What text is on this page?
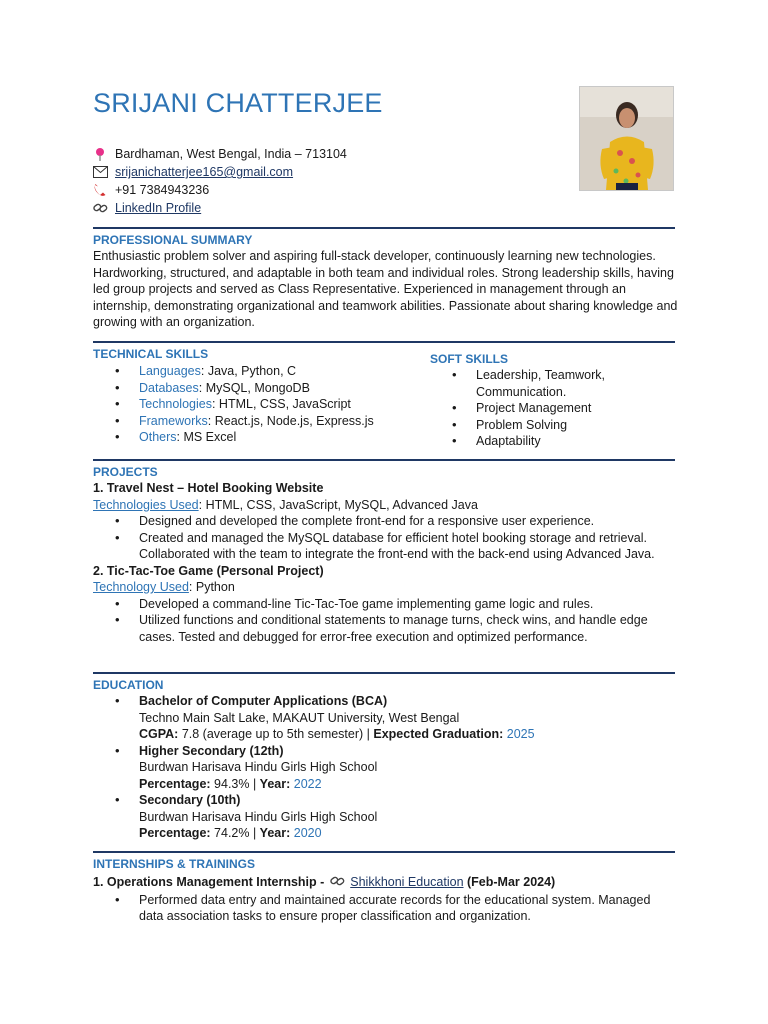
SRIJANI CHATTERJEE
Bardhaman, West Bengal, India – 713104
srijanichatterjee165@gmail.com
+91 7384943236
LinkedIn Profile
PROFESSIONAL SUMMARY

Enthusiastic problem solver and aspiring full-stack developer, continuously learning new technologies. Hardworking, structured, and adaptable in both team and individual roles. Strong leadership skills, having led group projects and served as Class Representative. Experienced in management through an internship, demonstrating organizational and teamwork abilities. Passionate about sharing knowledge and growing with an organization.

TECHNICAL SKILLS
• Languages: Java, Python, C
• Databases: MySQL, MongoDB
• Technologies: HTML, CSS, JavaScript
• Frameworks: React.js, Node.js, Express.js
• Others: MS Excel
SOFT SKILLS
• Leadership, Teamwork, Communication.
• Project Management
• Problem Solving
• Adaptability
PROJECTS
1. Travel Nest – Hotel Booking Website
Technologies Used: HTML, CSS, JavaScript, MySQL, Advanced Java
• Designed and developed the complete front-end for a responsive user experience.
• Created and managed the MySQL database for efficient hotel booking storage and retrieval. Collaborated with the team to integrate the front-end with the back-end using Advanced Java.
2. Tic-Tac-Toe Game (Personal Project)
Technology Used: Python
• Developed a command-line Tic-Tac-Toe game implementing game logic and rules.
• Utilized functions and conditional statements to manage turns, check wins, and handle edge cases. Tested and debugged for error-free execution and optimized performance.
EDUCATION
• Bachelor of Computer Applications (BCA)
Techno Main Salt Lake, MAKAUT University, West Bengal
CGPA: 7.8 (average up to 5th semester) | Expected Graduation: 2025
• Higher Secondary (12th)
Burdwan Harisava Hindu Girls High School
Percentage: 94.3% | Year: 2022
• Secondary (10th)
Burdwan Harisava Hindu Girls High School
Percentage: 74.2% | Year: 2020
INTERNSHIPS & TRAININGS
1. Operations Management Internship -  Shikkhoni Education (Feb-Mar 2024)
• Performed data entry and maintained accurate records for the educational system. Managed data association tasks to ensure proper classification and organization.
